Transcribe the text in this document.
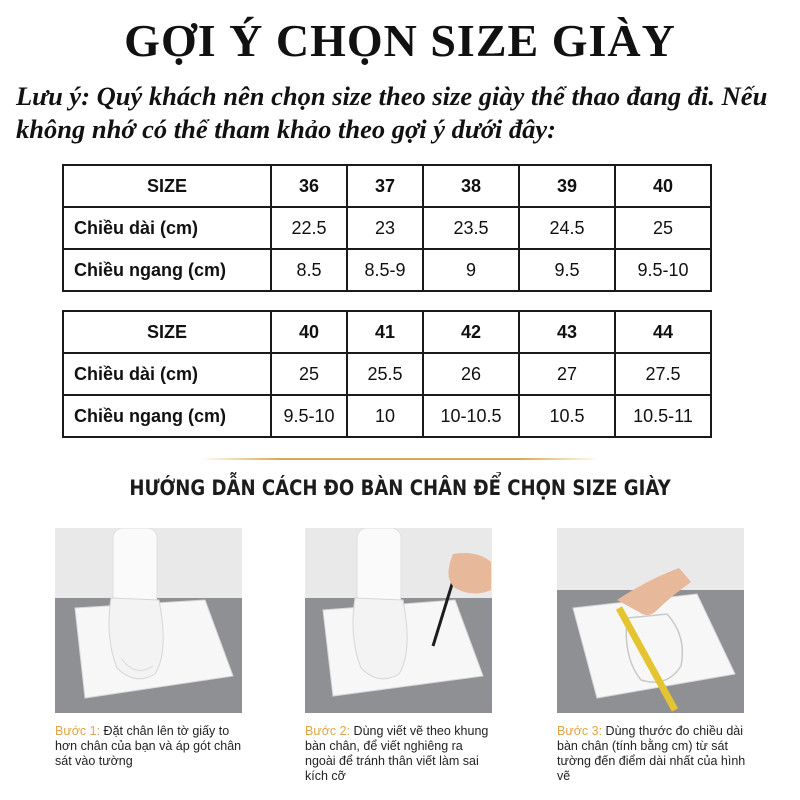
GỢI Ý CHỌN SIZE GIÀY
Lưu ý: Quý khách nên chọn size theo size giày thể thao đang đi. Nếu không nhớ có thể tham khảo theo gợi ý dưới đây:
SIZE	36	37	38	39	40
Chiều dài (cm)	22.5	23	23.5	24.5	25
Chiều ngang (cm)	8.5	8.5-9	9	9.5	9.5-10
SIZE	40	41	42	43	44
Chiều dài (cm)	25	25.5	26	27	27.5
Chiều ngang (cm)	9.5-10	10	10-10.5	10.5	10.5-11
HƯỚNG DẪN CÁCH ĐO BÀN CHÂN ĐỂ CHỌN SIZE GIÀY
Bước 1: Đặt chân lên tờ giấy to hơn chân của bạn và áp gót chân sát vào tường
Bước 2: Dùng viết vẽ theo khung bàn chân, để viết nghiêng ra ngoài để tránh thân viết làm sai kích cỡ
Bước 3: Dùng thước đo chiều dài bàn chân (tính bằng cm) từ sát tường đến điểm dài nhất của hình vẽ
